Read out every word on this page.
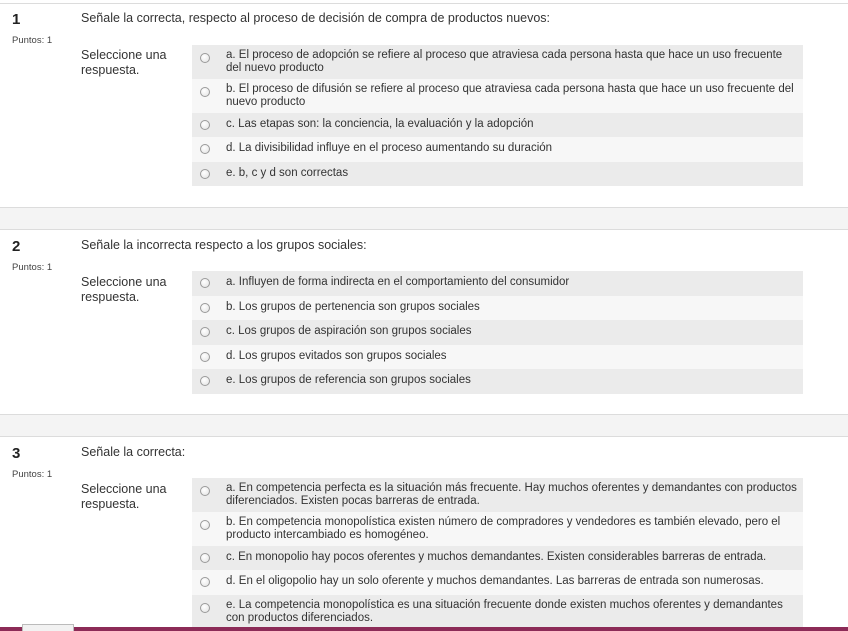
1
Puntos: 1
Señale la correcta, respecto al proceso de decisión de compra de productos nuevos:
Seleccione una respuesta.
a. El proceso de adopción se refiere al proceso que atraviesa cada persona hasta que hace un uso frecuente del nuevo producto
b. El proceso de difusión se refiere al proceso que atraviesa cada persona hasta que hace un uso frecuente del nuevo producto
c. Las etapas son: la conciencia, la evaluación y la adopción
d. La divisibilidad influye en el proceso aumentando su duración
e. b, c y d son correctas
2
Puntos: 1
Señale la incorrecta respecto a los grupos sociales:
Seleccione una respuesta.
a. Influyen de forma indirecta en el comportamiento del consumidor
b. Los grupos de pertenencia son grupos sociales
c. Los grupos de aspiración son grupos sociales
d. Los grupos evitados son grupos sociales
e. Los grupos de referencia son grupos sociales
3
Puntos: 1
Señale la correcta:
Seleccione una respuesta.
a. En competencia perfecta es la situación más frecuente. Hay muchos oferentes y demandantes con productos diferenciados. Existen pocas barreras de entrada.
b. En competencia monopolística existen número de compradores y vendedores es también elevado, pero el producto intercambiado es homogéneo.
c. En monopolio hay pocos oferentes y muchos demandantes. Existen considerables barreras de entrada.
d. En el oligopolio hay un solo oferente y muchos demandantes. Las barreras de entrada son numerosas.
e. La competencia monopolística es una situación frecuente donde existen muchos oferentes y demandantes con productos diferenciados.
